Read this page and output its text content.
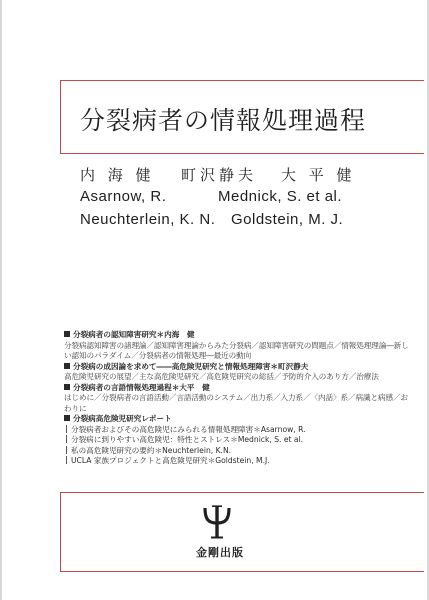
分裂病者の情報処理過程
内 海 健 町沢静夫 大 平 健
Asarnow, R.	Mednick, S. et al.
Neuchterlein, K. N. Goldstein, M. J.
分裂病者の認知障害研究＊内海　健
分裂病認知障害の諸理論／認知障害理論からみた分裂病／認知障害研究の問題点／情報処理理論―新しい認知のパラダイム／分裂病者の情報処理―最近の動向
分裂病の成因論を求めて――高危険児研究と情報処理障害＊町沢静夫
高危険児研究の展望／主な高危険児研究／高危険児研究の総括／予防的介入のあり方／治療法
分裂病者の言語情報処理過程＊大平　健
はじめに／分裂病者の言語活動／言語活動のシステム／出力系／入力系／〈内話〉系／病識と病感／おわりに
分裂病高危険児研究レポート
分裂病者およびその高危険児にみられる情報処理障害＊Asarnow, R.
分裂病に到りやすい高危険児：特性とストレス＊Mednick, S. et al.
私の高危険児研究の要約＊Neuchterlein, K.N.
UCLA 家族プロジェクトと高危険児研究＊Goldstein, M.J.
金剛出版
